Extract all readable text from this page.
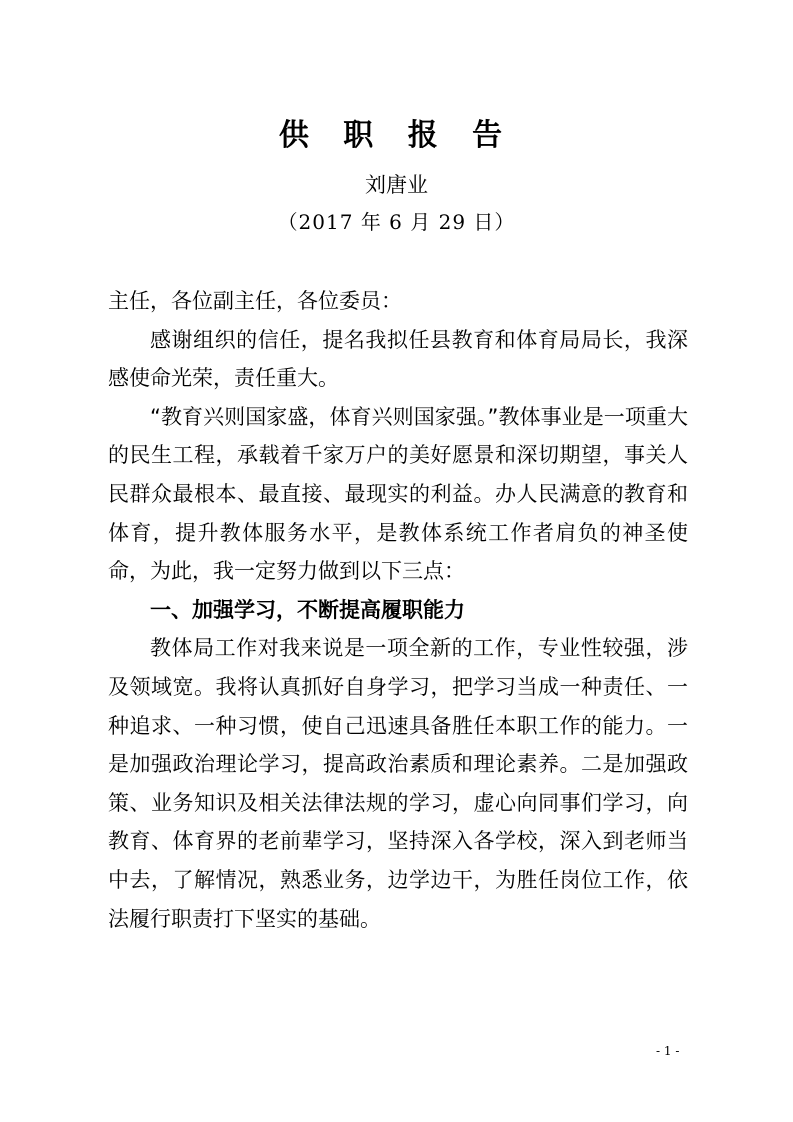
供 职 报 告
刘唐业
（2017 年 6 月 29 日）

主任，各位副主任，各位委员：

感谢组织的信任，提名我拟任县教育和体育局局长，我深感使命光荣，责任重大。

“教育兴则国家盛，体育兴则国家强。”教体事业是一项重大的民生工程，承载着千家万户的美好愿景和深切期望，事关人民群众最根本、最直接、最现实的利益。办人民满意的教育和体育，提升教体服务水平，是教体系统工作者肩负的神圣使命，为此，我一定努力做到以下三点：

一、加强学习，不断提高履职能力

教体局工作对我来说是一项全新的工作，专业性较强，涉及领域宽。我将认真抓好自身学习，把学习当成一种责任、一种追求、一种习惯，使自己迅速具备胜任本职工作的能力。一是加强政治理论学习，提高政治素质和理论素养。二是加强政策、业务知识及相关法律法规的学习，虚心向同事们学习，向教育、体育界的老前辈学习，坚持深入各学校，深入到老师当中去，了解情况，熟悉业务，边学边干，为胜任岗位工作，依法履行职责打下坚实的基础。

- 1 -
